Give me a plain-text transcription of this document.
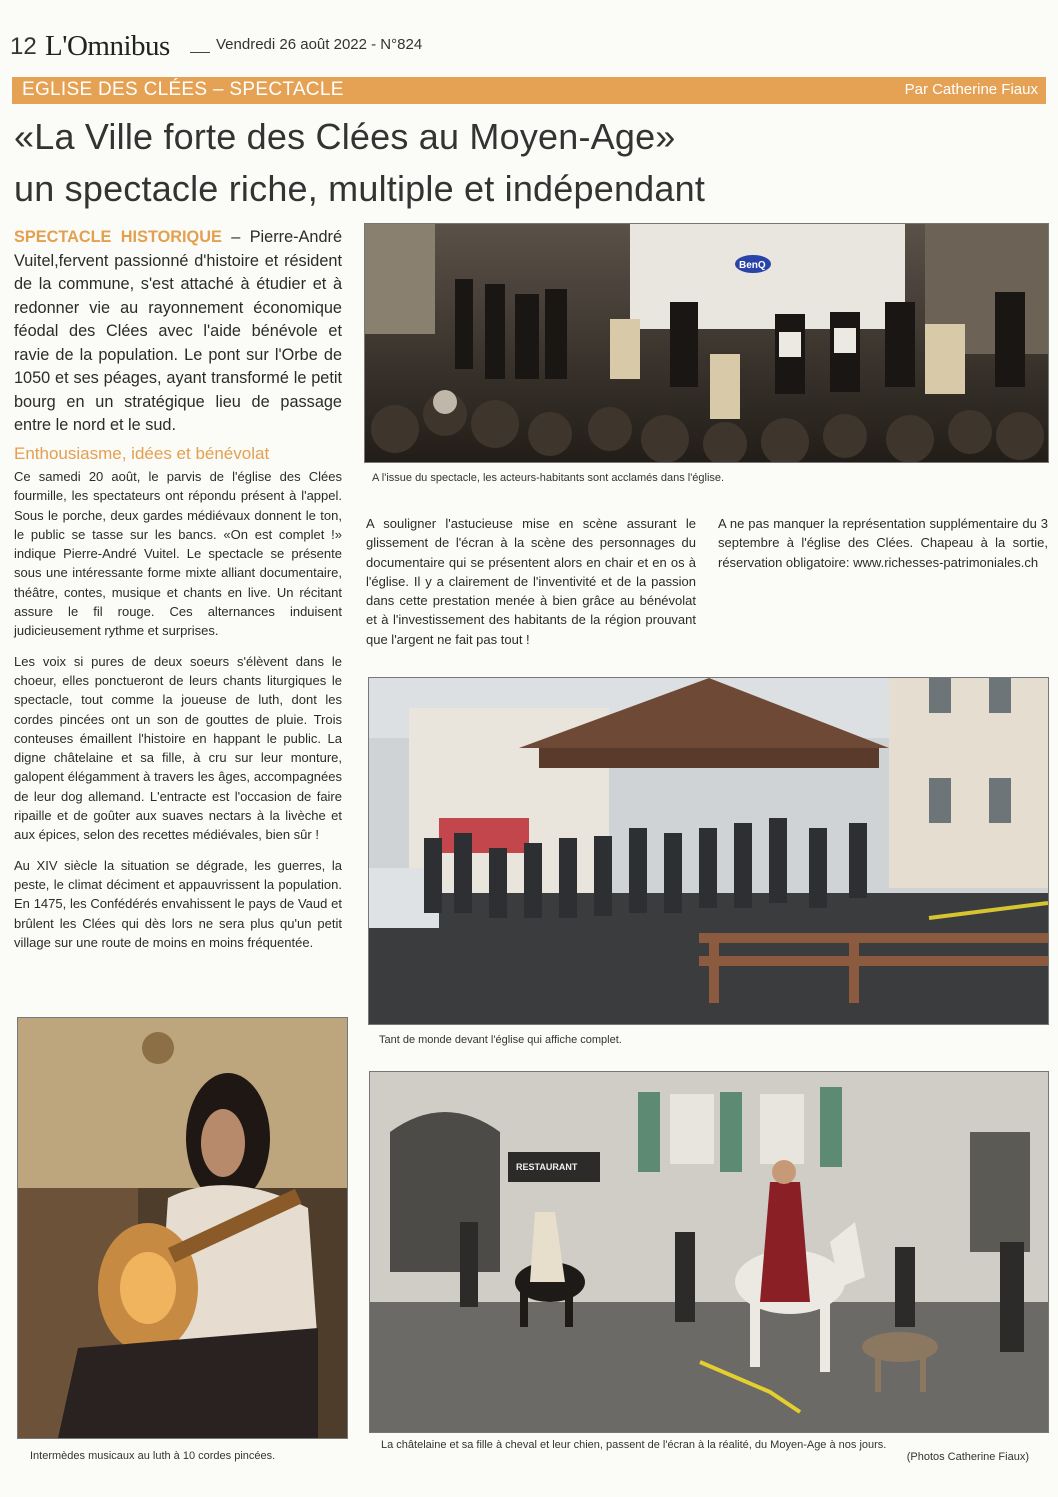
12 L'Omnibus	Vendredi 26 août 2022 - N°824
EGLISE DES CLÉES – SPECTACLE	Par Catherine Fiaux
«La Ville forte des Clées au Moyen-Age»
un spectacle riche, multiple et indépendant
SPECTACLE HISTORIQUE – Pierre-André Vuitel,fervent passionné d'histoire et résident de la commune, s'est attaché à étudier et à redonner vie au rayonnement économique féodal des Clées avec l'aide bénévole et ravie de la population. Le pont sur l'Orbe de 1050 et ses péages, ayant transformé le petit bourg en un stratégique lieu de passage entre le nord et le sud.
Enthousiasme, idées et bénévolat

Ce samedi 20 août, le parvis de l'église des Clées fourmille, les spectateurs ont répondu présent à l'appel. Sous le porche, deux gardes médiévaux donnent le ton, le public se tasse sur les bancs. «On est complet !» indique Pierre-André Vuitel. Le spectacle se présente sous une intéressante forme mixte alliant documentaire, théâtre, contes, musique et chants en live. Un récitant assure le fil rouge. Ces alternances induisent judicieusement rythme et surprises.

Les voix si pures de deux soeurs s'élèvent dans le choeur, elles ponctueront de leurs chants liturgiques le spectacle, tout comme la joueuse de luth, dont les cordes pincées ont un son de gouttes de pluie. Trois conteuses émaillent l'histoire en happant le public. La digne châtelaine et sa fille, à cru sur leur monture, galopent élégamment à travers les âges, accompagnées de leur dog allemand. L'entracte est l'occasion de faire ripaille et de goûter aux suaves nectars à la livèche et aux épices, selon des recettes médiévales, bien sûr !

Au XIV siècle la situation se dégrade, les guerres, la peste, le climat déciment et appauvrissent la population. En 1475, les Confédérés envahissent le pays de Vaud et brûlent les Clées qui dès lors ne sera plus qu'un petit village sur une route de moins en moins fréquentée.

A souligner l'astucieuse mise en scène assurant le glissement de l'écran à la scène des personnages du documentaire qui se présentent alors en chair et en os à l'église. Il y a clairement de l'inventivité et de la passion dans cette prestation menée à bien grâce au bénévolat et à l'investissement des habitants de la région prouvant que l'argent ne fait pas tout !

A ne pas manquer la représentation supplémentaire du 3 septembre à l'église des Clées. Chapeau à la sortie, réservation obligatoire: www.richesses-patrimoniales.ch

BenQ
A l'issue du spectacle, les acteurs-habitants sont acclamés dans l'église.
Tant de monde devant l'église qui affiche complet.
Intermèdes musicaux au luth à 10 cordes pincées.
RESTAURANT
La châtelaine et sa fille à cheval et leur chien, passent de l'écran à la réalité, du Moyen-Age à nos jours.
(Photos Catherine Fiaux)
